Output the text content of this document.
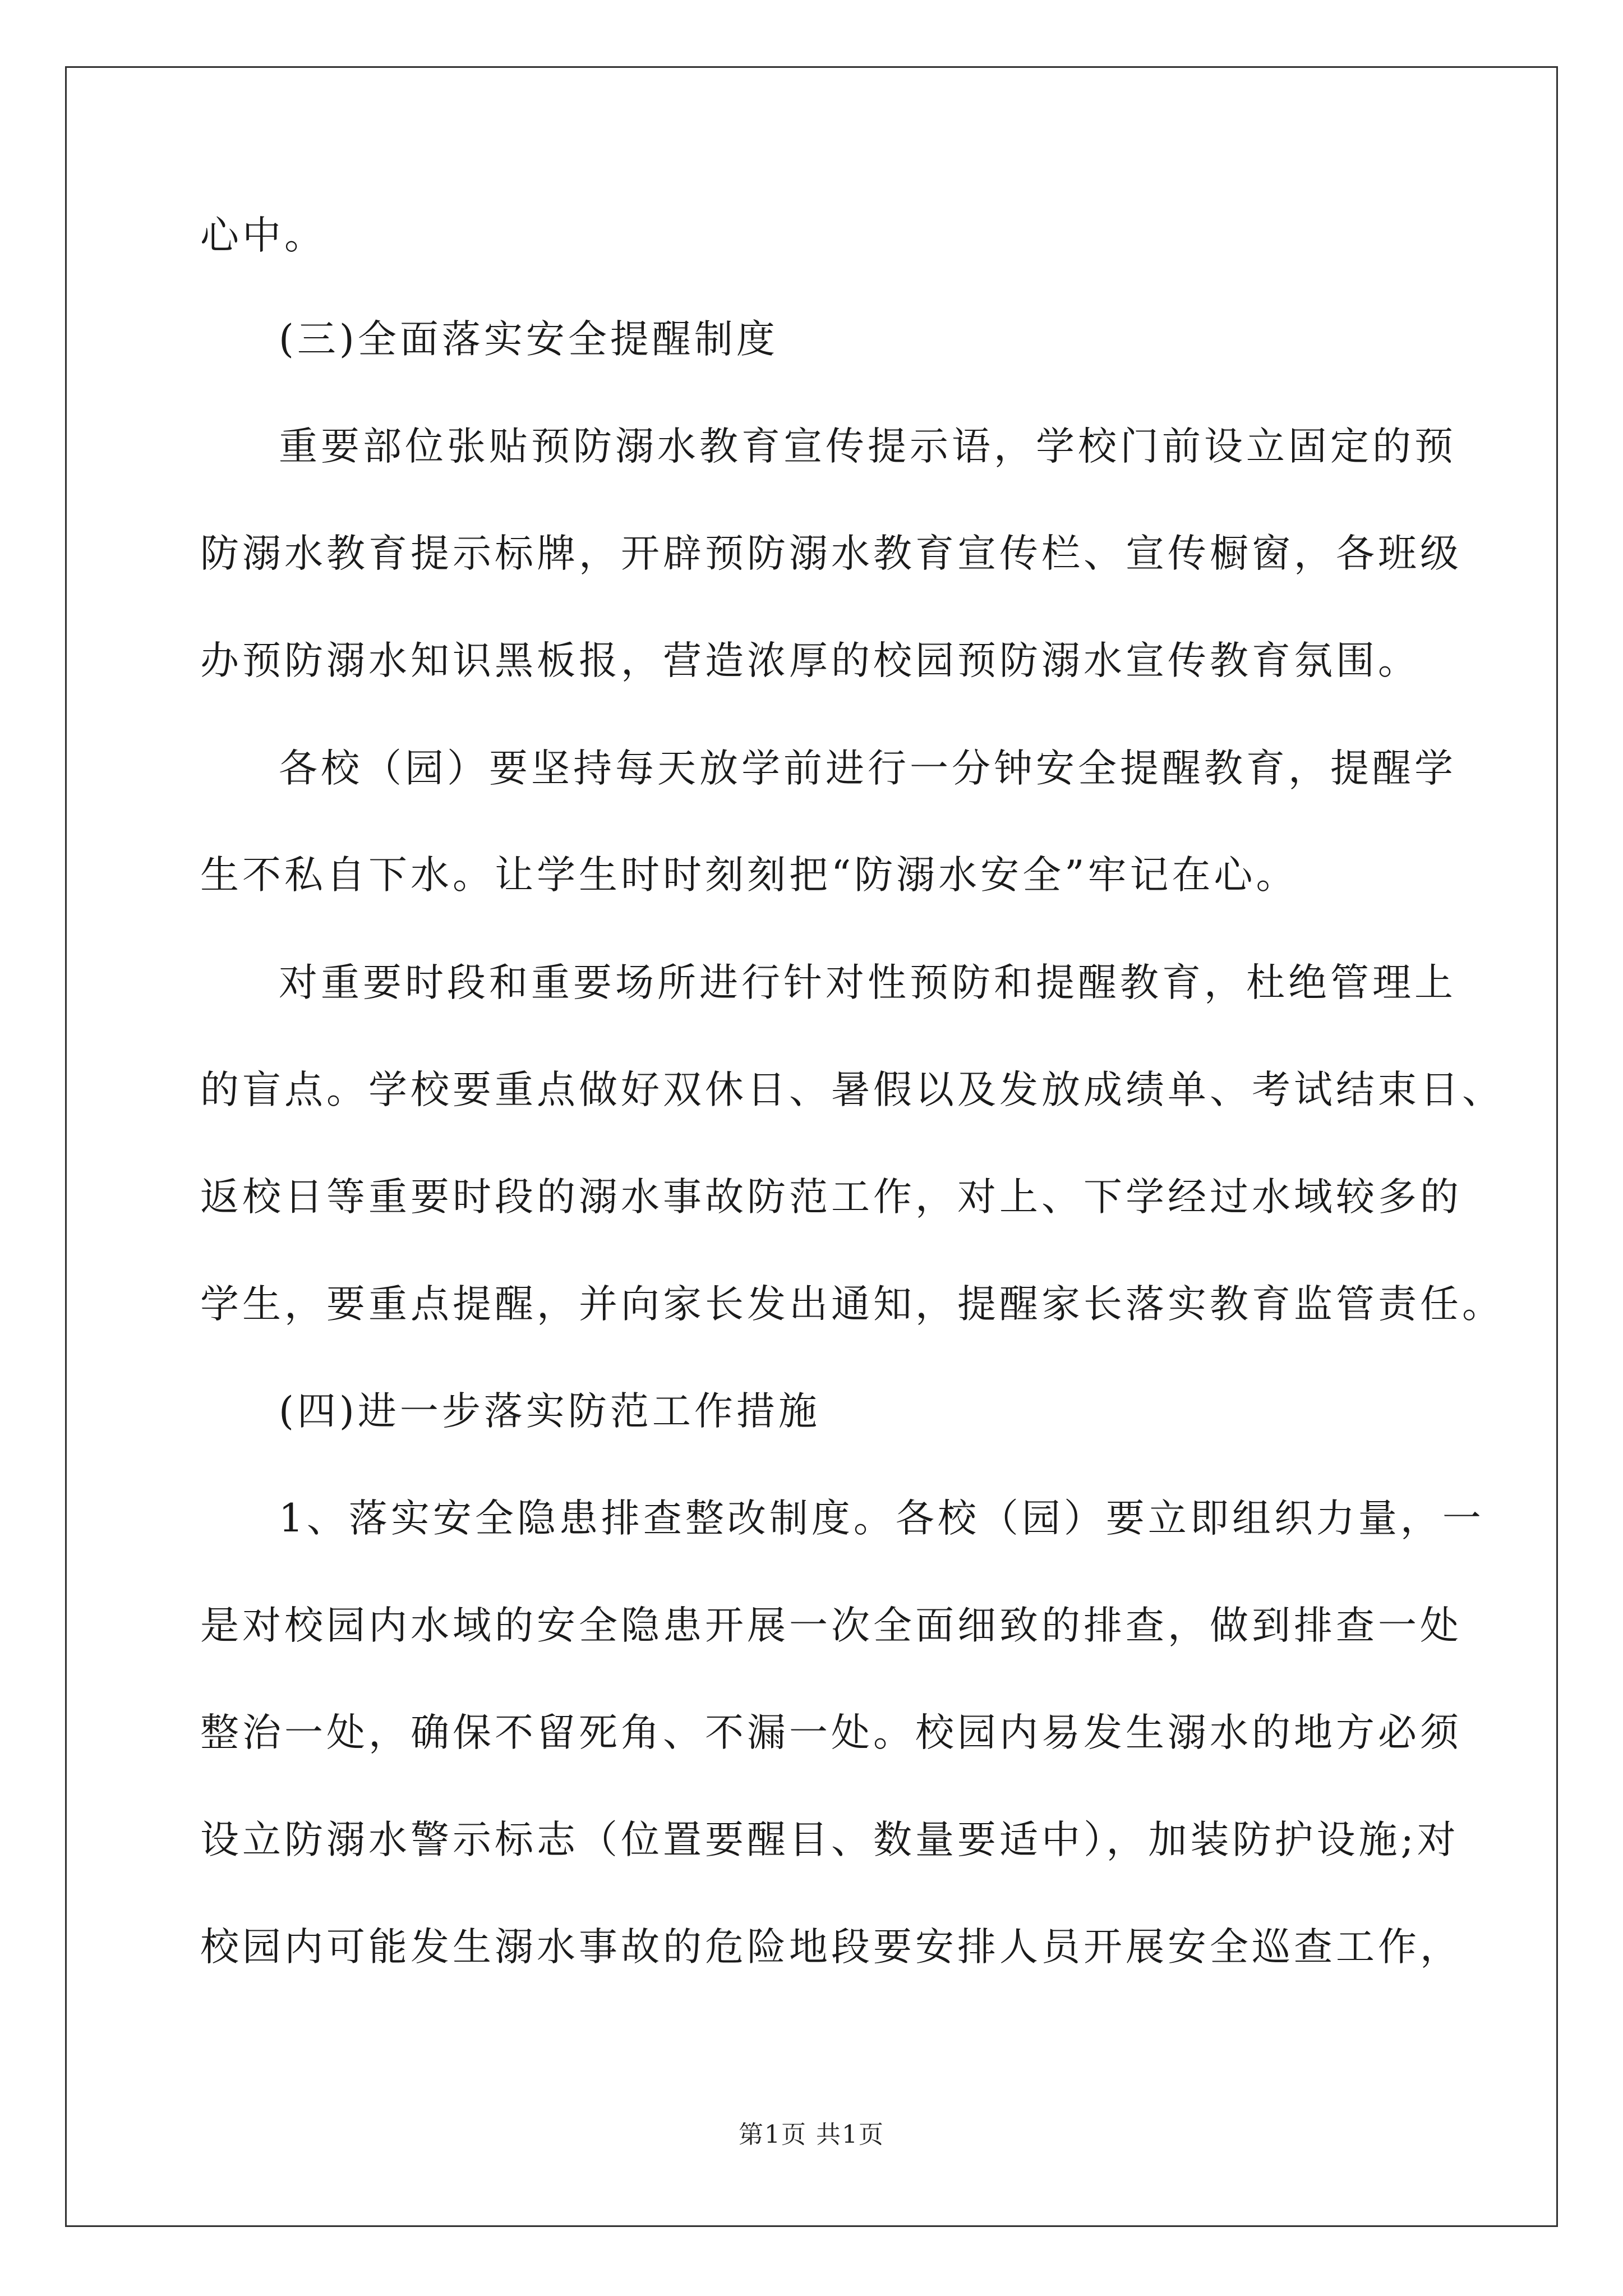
心中。
(三)全面落实安全提醒制度
重要部位张贴预防溺水教育宣传提示语，学校门前设立固定的预
防溺水教育提示标牌，开辟预防溺水教育宣传栏、宣传橱窗，各班级
办预防溺水知识黑板报，营造浓厚的校园预防溺水宣传教育氛围。
各校（园）要坚持每天放学前进行一分钟安全提醒教育，提醒学
生不私自下水。让学生时时刻刻把“防溺水安全”牢记在心。
对重要时段和重要场所进行针对性预防和提醒教育，杜绝管理上
的盲点。学校要重点做好双休日、暑假以及发放成绩单、考试结束日、
返校日等重要时段的溺水事故防范工作，对上、下学经过水域较多的
学生，要重点提醒，并向家长发出通知，提醒家长落实教育监管责任。
(四)进一步落实防范工作措施
1、落实安全隐患排查整改制度。各校（园）要立即组织力量，一
是对校园内水域的安全隐患开展一次全面细致的排查，做到排查一处
整治一处，确保不留死角、不漏一处。校园内易发生溺水的地方必须
设立防溺水警示标志（位置要醒目、数量要适中），加装防护设施;对
校园内可能发生溺水事故的危险地段要安排人员开展安全巡查工作，
第1页 共1页
